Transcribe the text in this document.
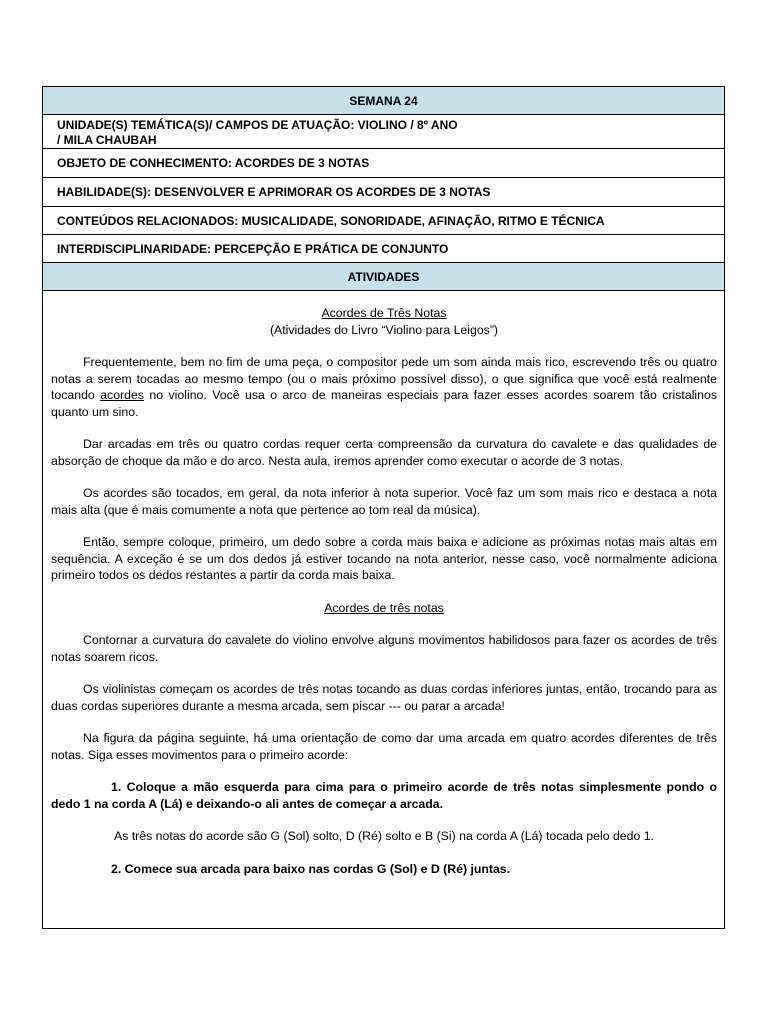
SEMANA 24
UNIDADE(S) TEMÁTICA(S)/ CAMPOS DE ATUAÇÃO: VIOLINO / 8º ANO
/ MILA CHAUBAH
OBJETO DE CONHECIMENTO: ACORDES DE 3 NOTAS
HABILIDADE(S): DESENVOLVER E APRIMORAR OS ACORDES DE 3 NOTAS
CONTEÚDOS RELACIONADOS: MUSICALIDADE, SONORIDADE, AFINAÇÃO, RITMO E TÉCNICA
INTERDISCIPLINARIDADE: PERCEPÇÃO E PRÁTICA DE CONJUNTO
ATIVIDADES

Acordes de Três Notas

(Atividades do Livro “Violino para Leigos”)

Frequentemente, bem no fim de uma peça, o compositor pede um som ainda mais rico, escrevendo três ou quatro notas a serem tocadas ao mesmo tempo (ou o mais próximo possível disso), o que significa que você está realmente tocando acordes no violino. Você usa o arco de maneiras especiais para fazer esses acordes soarem tão cristalinos quanto um sino.

Dar arcadas em três ou quatro cordas requer certa compreensão da curvatura do cavalete e das qualidades de absorção de choque da mão e do arco. Nesta aula, iremos aprender como executar o acorde de 3 notas.

Os acordes são tocados, em geral, da nota inferior à nota superior. Você faz um som mais rico e destaca a nota mais alta (que é mais comumente a nota que pertence ao tom real da música).

Então, sempre coloque, primeiro, um dedo sobre a corda mais baixa e adicione as próximas notas mais altas em sequência. A exceção é se um dos dedos já estiver tocando na nota anterior, nesse caso, você normalmente adiciona primeiro todos os dedos restantes a partir da corda mais baixa.

Acordes de três notas

Contornar a curvatura do cavalete do violino envolve alguns movimentos habilidosos para fazer os acordes de três notas soarem ricos.

Os violinistas começam os acordes de três notas tocando as duas cordas inferiores juntas, então, trocando para as duas cordas superiores durante a mesma arcada, sem piscar --- ou parar a arcada!

Na figura da página seguinte, há uma orientação de como dar uma arcada em quatro acordes diferentes de três notas. Siga esses movimentos para o primeiro acorde:

1. Coloque a mão esquerda para cima para o primeiro acorde de três notas simplesmente pondo o dedo 1 na corda A (Lá) e deixando-o ali antes de começar a arcada.

As três notas do acorde são G (Sol) solto, D (Ré) solto e B (Si) na corda A (Lá) tocada pelo dedo 1.

2. Comece sua arcada para baixo nas cordas G (Sol) e D (Ré) juntas.
